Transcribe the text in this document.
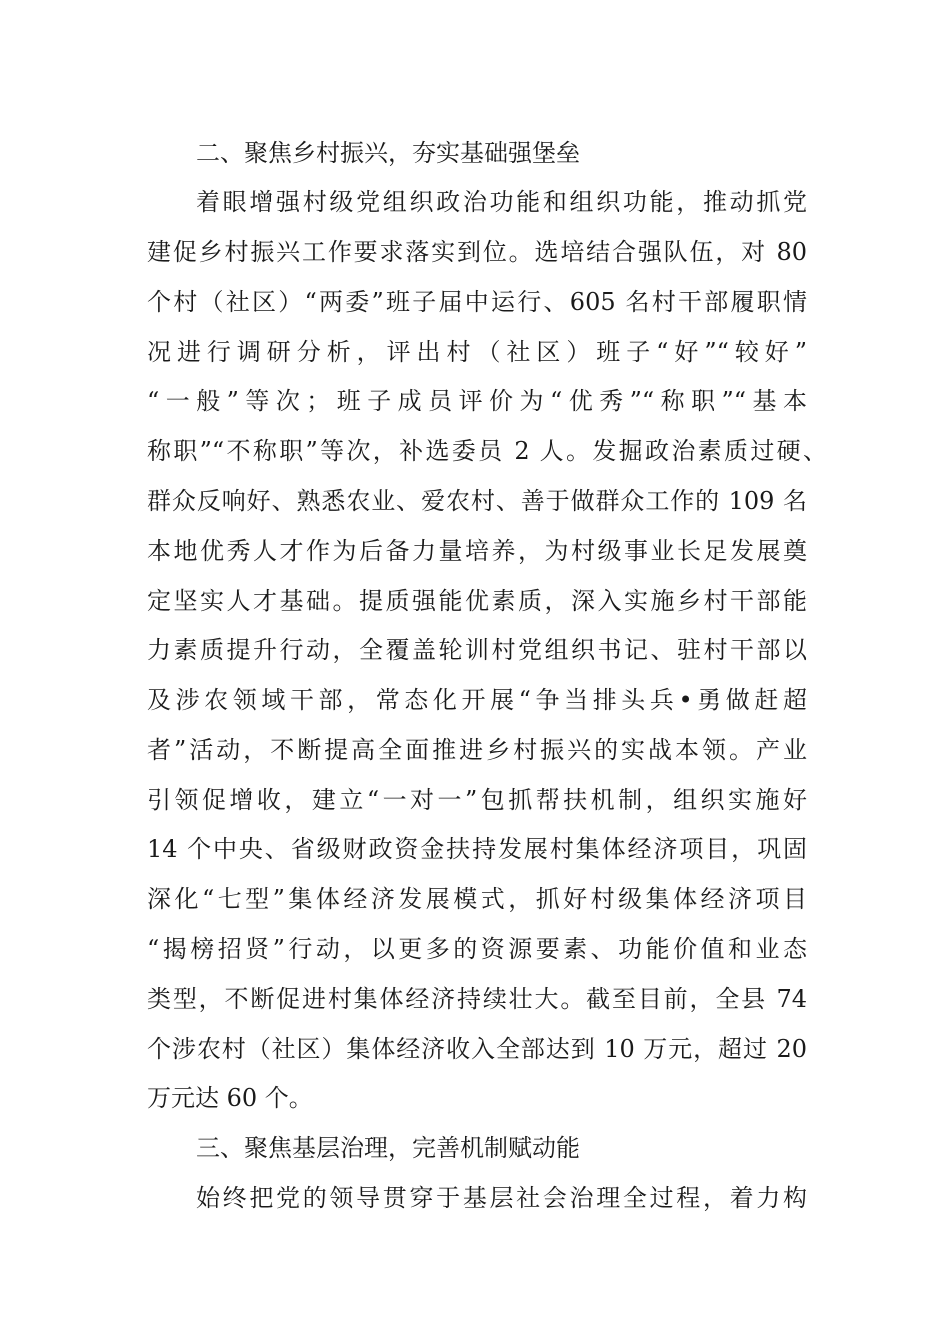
二、聚焦乡村振兴，夯实基础强堡垒
着眼增强村级党组织政治功能和组织功能，推动抓党
建促乡村振兴工作要求落实到位。选培结合强队伍，对 80
个村（社区）“两委”班子届中运行、605 名村干部履职情
况进行调研分析，评出村（社区）班子“好”“较好”
“一般”等次；班子成员评价为“优秀”“称职”“基本
称职”“不称职”等次，补选委员 2 人。发掘政治素质过硬、
群众反响好、熟悉农业、爱农村、善于做群众工作的 109 名
本地优秀人才作为后备力量培养，为村级事业长足发展奠
定坚实人才基础。提质强能优素质，深入实施乡村干部能
力素质提升行动，全覆盖轮训村党组织书记、驻村干部以
及涉农领域干部，常态化开展“争当排头兵•勇做赶超
者”活动，不断提高全面推进乡村振兴的实战本领。产业
引领促增收，建立“一对一”包抓帮扶机制，组织实施好
14 个中央、省级财政资金扶持发展村集体经济项目，巩固
深化“七型”集体经济发展模式，抓好村级集体经济项目
“揭榜招贤”行动，以更多的资源要素、功能价值和业态
类型，不断促进村集体经济持续壮大。截至目前，全县 74
个涉农村（社区）集体经济收入全部达到 10 万元，超过 20
万元达 60 个。
三、聚焦基层治理，完善机制赋动能
始终把党的领导贯穿于基层社会治理全过程，着力构
